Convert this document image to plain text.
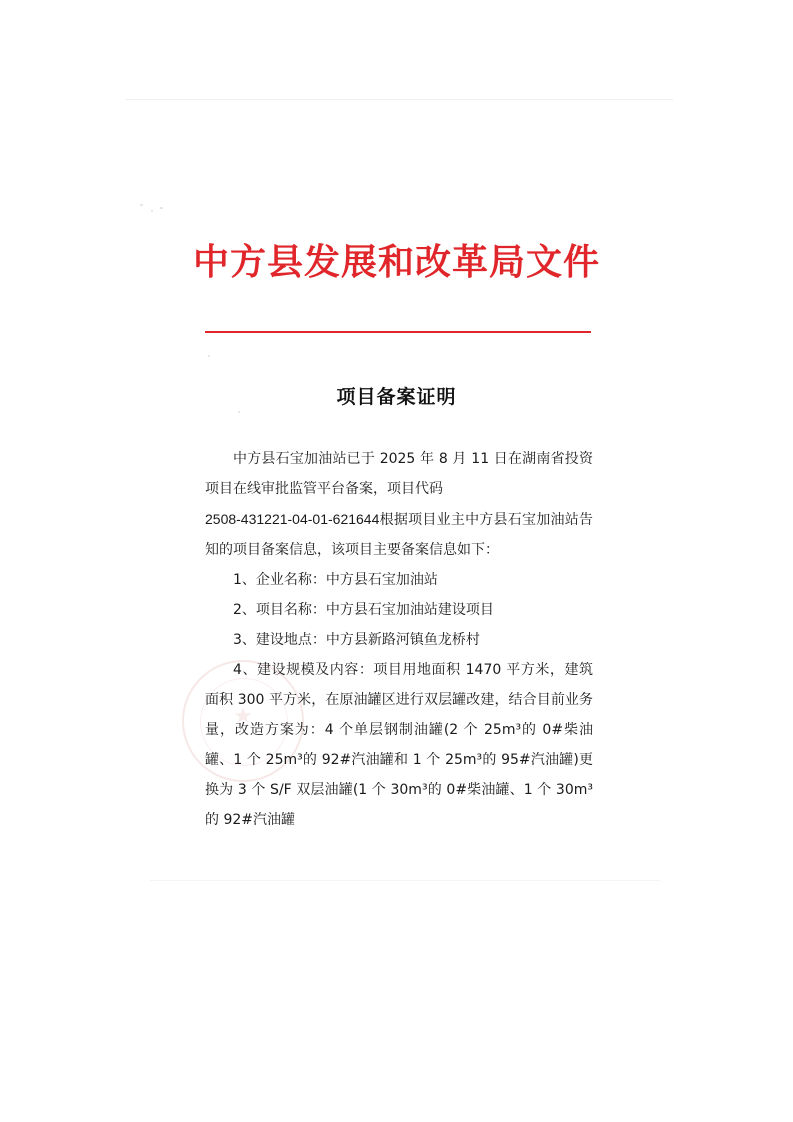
中方县发展和改革局文件
项目备案证明
★

中方县石宝加油站已于 2025 年 8 月 11 日在湖南省投资项目在线审批监管平台备案，项目代码
2508-431221-04-01-621644根据项目业主中方县石宝加油站告知的项目备案信息，该项目主要备案信息如下：

1、企业名称：中方县石宝加油站

2、项目名称：中方县石宝加油站建设项目

3、建设地点：中方县新路河镇鱼龙桥村

4、建设规模及内容：项目用地面积 1470 平方米，建筑面积 300 平方米，在原油罐区进行双层罐改建，结合目前业务量，改造方案为：4 个单层钢制油罐(2 个 25m³的 0#柴油罐、1 个 25m³的 92#汽油罐和 1 个 25m³的 95#汽油罐)更换为 3 个 S/F 双层油罐(1 个 30m³的 0#柴油罐、1 个 30m³的 92#汽油罐
